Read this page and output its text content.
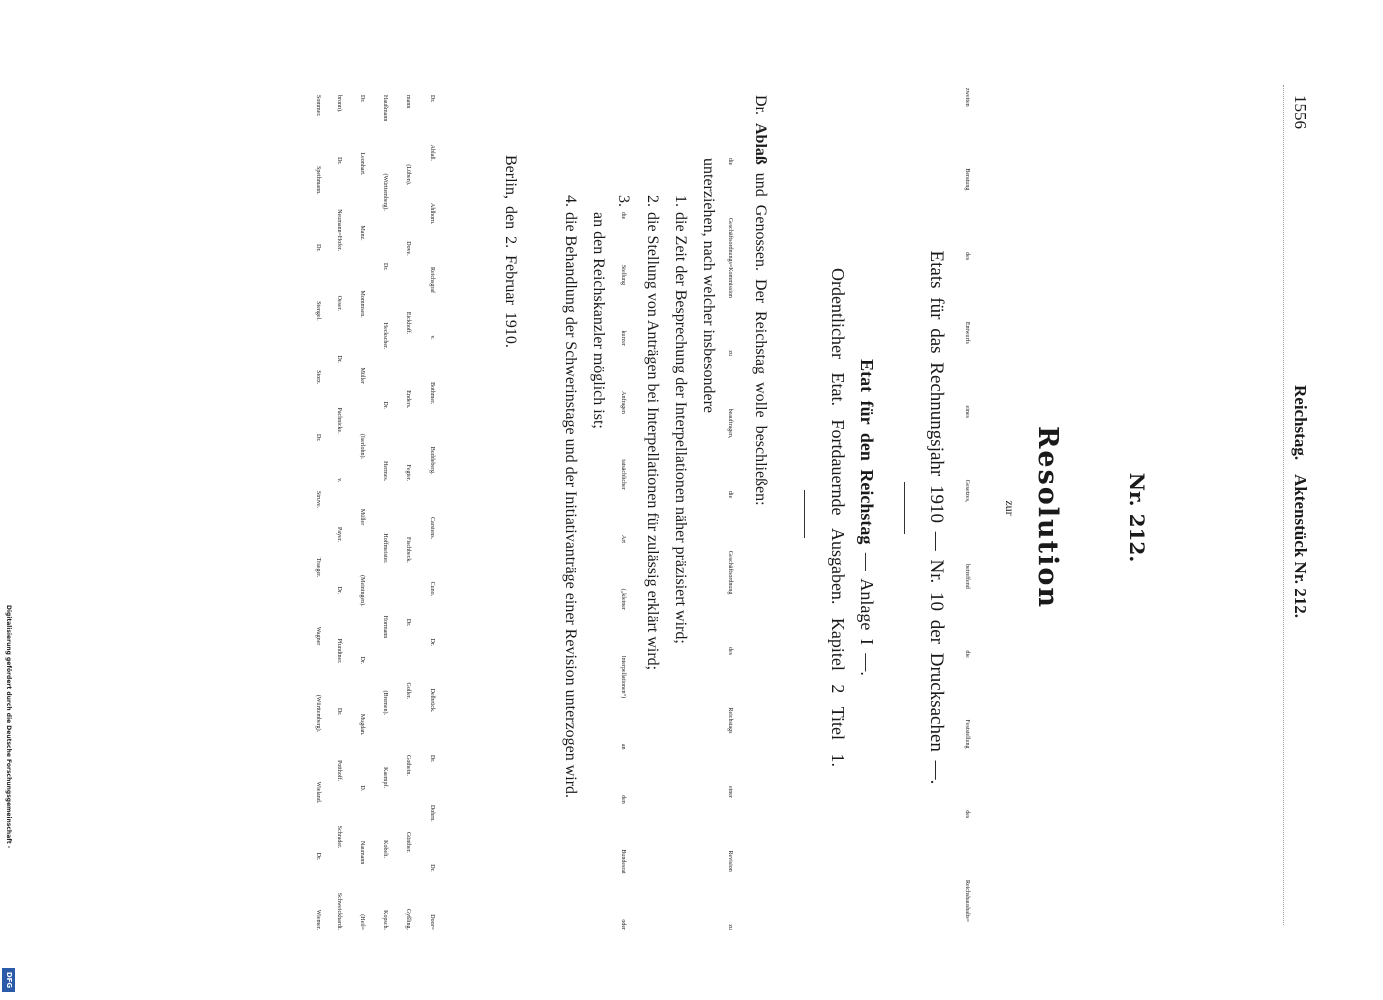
1556
Reichstag.Aktenstück Nr. 212.
Nr. 212.
Resolution
zur
zweiten Beratung des Entwurfs eines Gesetzes, betreffend die Feststellung des Reichshaushalts=
Etats für das Rechnungsjahr 1910 — Nr. 10 der Drucksachen —.
Etat für den Reichstag — Anlage I —.
Ordentlicher Etat. Fortdauernde Ausgaben. Kapitel 2 Titel 1.
Dr. Ablaß und Genossen. Der Reichstag wolle beschließen:
die Geschäftsordnungs=Kommission zu beauftragen, die Geschäftsordnung des Reichstags einer Revision zu
unterziehen, nach welcher insbesondere
1.
die Zeit der Besprechung der Interpellationen näher präzisiert wird;
2.
die Stellung von Anträgen bei Interpellationen für zulässig erklärt wird;
3.
die Stellung kurzer Anfragen tatsächlicher Art („kleiner Interpellationen“) an den Bundesrat oder
an den Reichskanzler möglich ist;
4.
die Behandlung der Schwerinstage und der Initiativanträge einer Revision unterzogen wird.
Berlin, den 2. Februar 1910.
Dr. Ablaß. Ahlhorn. Reichsgraf v. Bothmer. Buddeberg. Carstens. Cuno. Dr. Delbrück. Dr. Dohrn. Dr. Door=
mann (Lüben). Dove. Eickhoff. Enders. Fegter. Fischbeck. Dr. Goller. Gothein. Günther. Gyßling.
Haußmann (Württemberg). Dr. Heckscher. Dr. Hermes. Hoffmeister. Hormann (Bremen). Kaempf. Kobelt. Kopsch.
Dr. Leonhart. Manz. Mommsen. Müller (Iserlohn). Müller (Meiningen). Dr. Mugdan. D. Naumann (Heil=
bronn). Dr. Neumann=Hofer. Oeser. Dr. Pachnicke. v. Payer. Dr. Pfundtner. Dr. Potthoff. Schrader. Schweickhardt.
Sommer. Spethmann. Dr. Stengel. Storz. Dr. Struve. Traeger. Wagner (Württemberg). Wieland. Dr. Wiemer.
Digitalisierung gefördert durch die Deutsche Forschungsgemeinschaft -
DFG
